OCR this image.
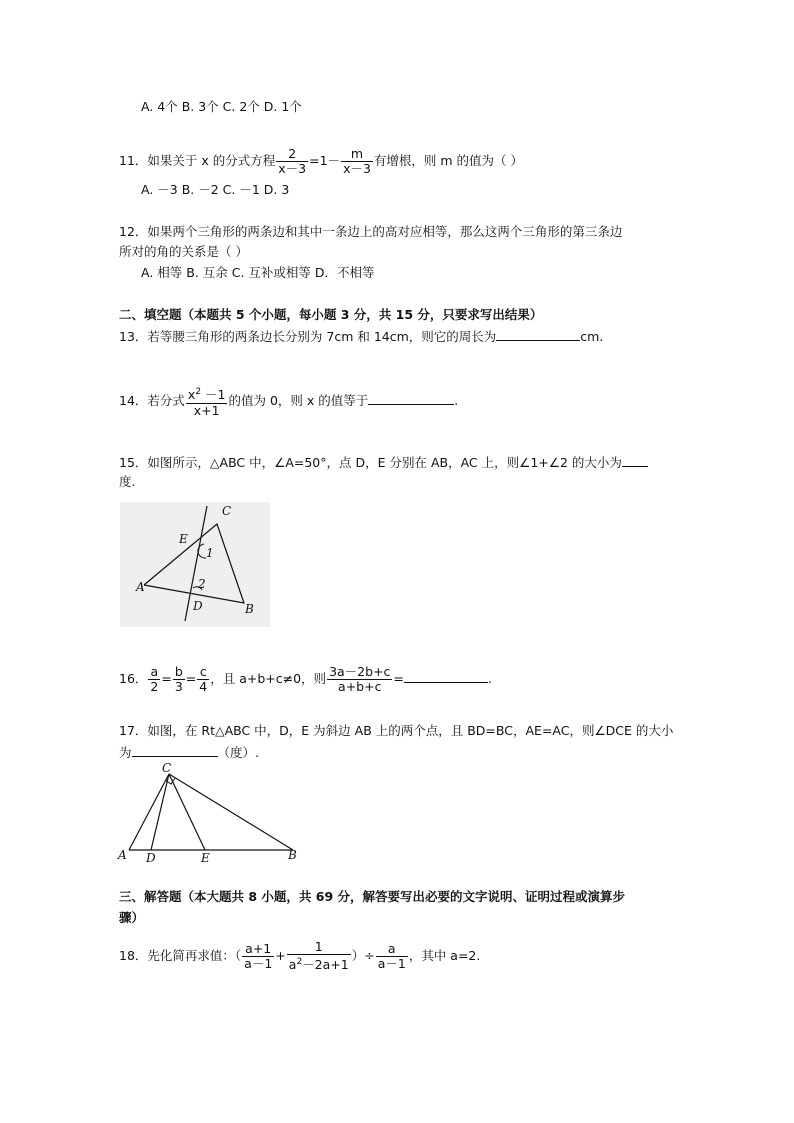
A. 4个 B. 3个 C. 2个 D. 1个
11．如果关于 x 的分式方程 $\frac{2}{x-3} =1- \frac{m}{x-3}$ 有增根，则 m 的值为（ ）
A. －3 B. －2 C. －1 D. 3
12．如果两个三角形的两条边和其中一条边上的高对应相等，那么这两个三角形的第三条边
所对的角的关系是（ ）
A. 相等 B. 互余 C. 互补或相等 D．不相等
二、填空题（本题共 5 个小题，每小题 3 分，共 15 分，只要求写出结果）
13．若等腰三角形的两条边长分别为 7cm 和 14cm，则它的周长为	cm.
14．若分式 $\frac{x^2 -1}{x+1}$ 的值为 0，则 x 的值等于	.
15．如图所示，△ABC 中，∠A=50°，点 D，E 分别在 AB，AC 上，则∠1+∠2 的大小为
度.
C
E
1
2
A
D	B
16． $\frac{a}{2} = \frac{b}{3} = \frac{c}{4}$ ，且 a+b+c≠0，则 $\frac{3a-2b+c}{a+b+c}$ =	.
17．如图，在 Rt△ABC 中，D，E 为斜边 AB 上的两个点，且 BD=BC，AE=AC，则∠DCE 的大小
为	（度）.
C
A D	E	B
三、解答题（本大题共 8 小题，共 69 分，解答要写出必要的文字说明、证明过程或演算步
骤）
18．先化简再求值：（ $\frac{a+1}{a-1} + \frac{1}{a^2-2a+1}$ ）÷ $\frac{a}{a-1}$ ，其中 a=2.
